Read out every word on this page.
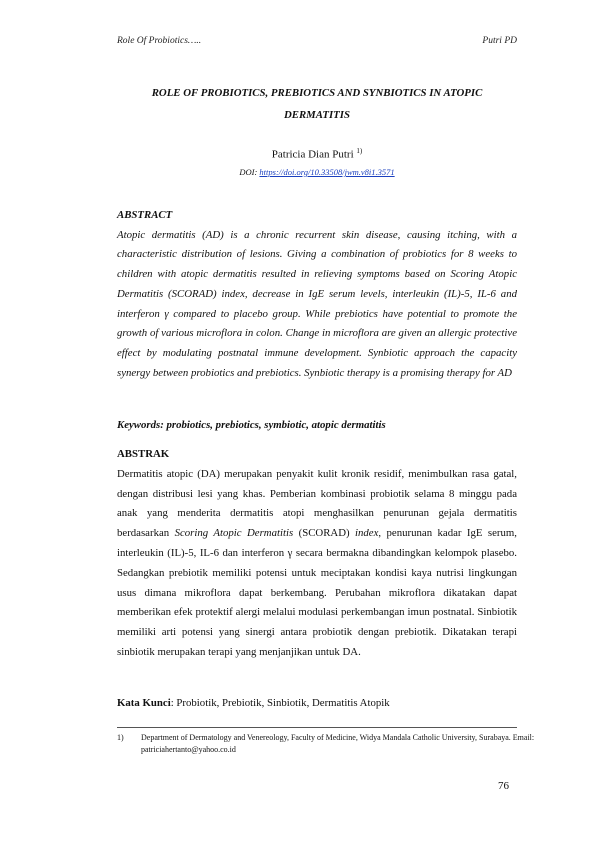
Role Of Probiotics…..	Putri PD
ROLE OF PROBIOTICS, PREBIOTICS AND SYNBIOTICS IN ATOPIC
DERMATITIS
Patricia Dian Putri $^{1)}$
DOI: https://doi.org/10.33508/jwm.v8i1.3571
ABSTRACT
Atopic dermatitis (AD) is a chronic recurrent skin disease, causing itching, with a characteristic distribution of lesions. Giving a combination of probiotics for 8 weeks to children with atopic dermatitis resulted in relieving symptoms based on Scoring Atopic Dermatitis (SCORAD) index, decrease in IgE serum levels, interleukin (IL)-5, IL-6 and interferon γ compared to placebo group. While prebiotics have potential to promote the growth of various microflora in colon. Change in microflora are given an allergic protective effect by modulating postnatal immune development. Synbiotic approach the capacity synergy between probiotics and prebiotics. Synbiotic therapy is a promising therapy for AD
Keywords: probiotics, prebiotics, symbiotic, atopic dermatitis
ABSTRAK
Dermatitis atopic (DA) merupakan penyakit kulit kronik residif, menimbulkan rasa gatal, dengan distribusi lesi yang khas. Pemberian kombinasi probiotik selama 8 minggu pada anak yang menderita dermatitis atopi menghasilkan penurunan gejala dermatitis berdasarkan Scoring Atopic Dermatitis (SCORAD) index, penurunan kadar IgE serum, interleukin (IL)-5, IL-6 dan interferon γ secara bermakna dibandingkan kelompok plasebo. Sedangkan prebiotik memiliki potensi untuk meciptakan kondisi kaya nutrisi lingkungan usus dimana mikroflora dapat berkembang. Perubahan mikroflora dikatakan dapat memberikan efek protektif alergi melalui modulasi perkembangan imun postnatal. Sinbiotik memiliki arti potensi yang sinergi antara probiotik dengan prebiotik. Dikatakan terapi sinbiotik merupakan terapi yang menjanjikan untuk DA.
Kata Kunci: Probiotik, Prebiotik, Sinbiotik, Dermatitis Atopik
1) Department of Dermatology and Venereology, Faculty of Medicine, Widya Mandala Catholic University, Surabaya. Email: patriciahertanto@yahoo.co.id
76
